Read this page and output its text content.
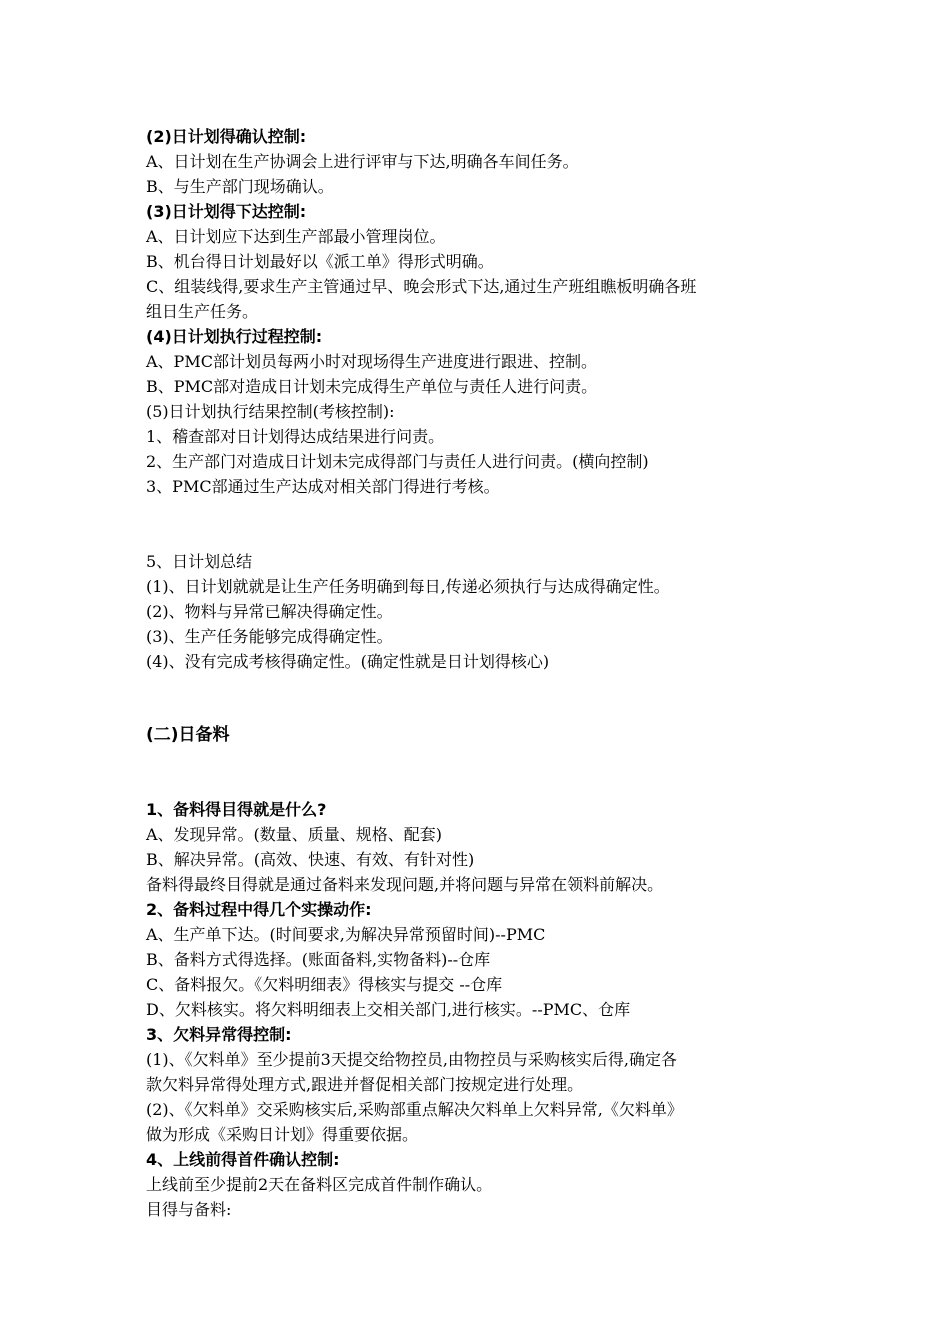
(2)日计划得确认控制:
A、日计划在生产协调会上进行评审与下达,明确各车间任务。
B、与生产部门现场确认。
(3)日计划得下达控制:
A、日计划应下达到生产部最小管理岗位。
B、机台得日计划最好以《派工单》得形式明确。
C、组装线得,要求生产主管通过早、晚会形式下达,通过生产班组瞧板明确各班
组日生产任务。
(4)日计划执行过程控制:
A、PMC部计划员每两小时对现场得生产进度进行跟进、控制。
B、PMC部对造成日计划未完成得生产单位与责任人进行问责。
(5)日计划执行结果控制(考核控制):
1、稽查部对日计划得达成结果进行问责。
2、生产部门对造成日计划未完成得部门与责任人进行问责。(横向控制)
3、PMC部通过生产达成对相关部门得进行考核。
5、日计划总结
(1)、日计划就就是让生产任务明确到每日,传递必须执行与达成得确定性。
(2)、物料与异常已解决得确定性。
(3)、生产任务能够完成得确定性。
(4)、没有完成考核得确定性。(确定性就是日计划得核心)
(二)日备料
1、备料得目得就是什么?
A、发现异常。(数量、质量、规格、配套)
B、解决异常。(高效、快速、有效、有针对性)
备料得最终目得就是通过备料来发现问题,并将问题与异常在领料前解决。
2、备料过程中得几个实操动作:
A、生产单下达。(时间要求,为解决异常预留时间)--PMC
B、备料方式得选择。(账面备料,实物备料)--仓库
C、备料报欠。《欠料明细表》得核实与提交 --仓库
D、欠料核实。将欠料明细表上交相关部门,进行核实。--PMC、仓库
3、欠料异常得控制:
(1)、《欠料单》至少提前3天提交给物控员,由物控员与采购核实后得,确定各
款欠料异常得处理方式,跟进并督促相关部门按规定进行处理。
(2)、《欠料单》交采购核实后,采购部重点解决欠料单上欠料异常,《欠料单》
做为形成《采购日计划》得重要依据。
4、上线前得首件确认控制:
上线前至少提前2天在备料区完成首件制作确认。
目得与备料:
